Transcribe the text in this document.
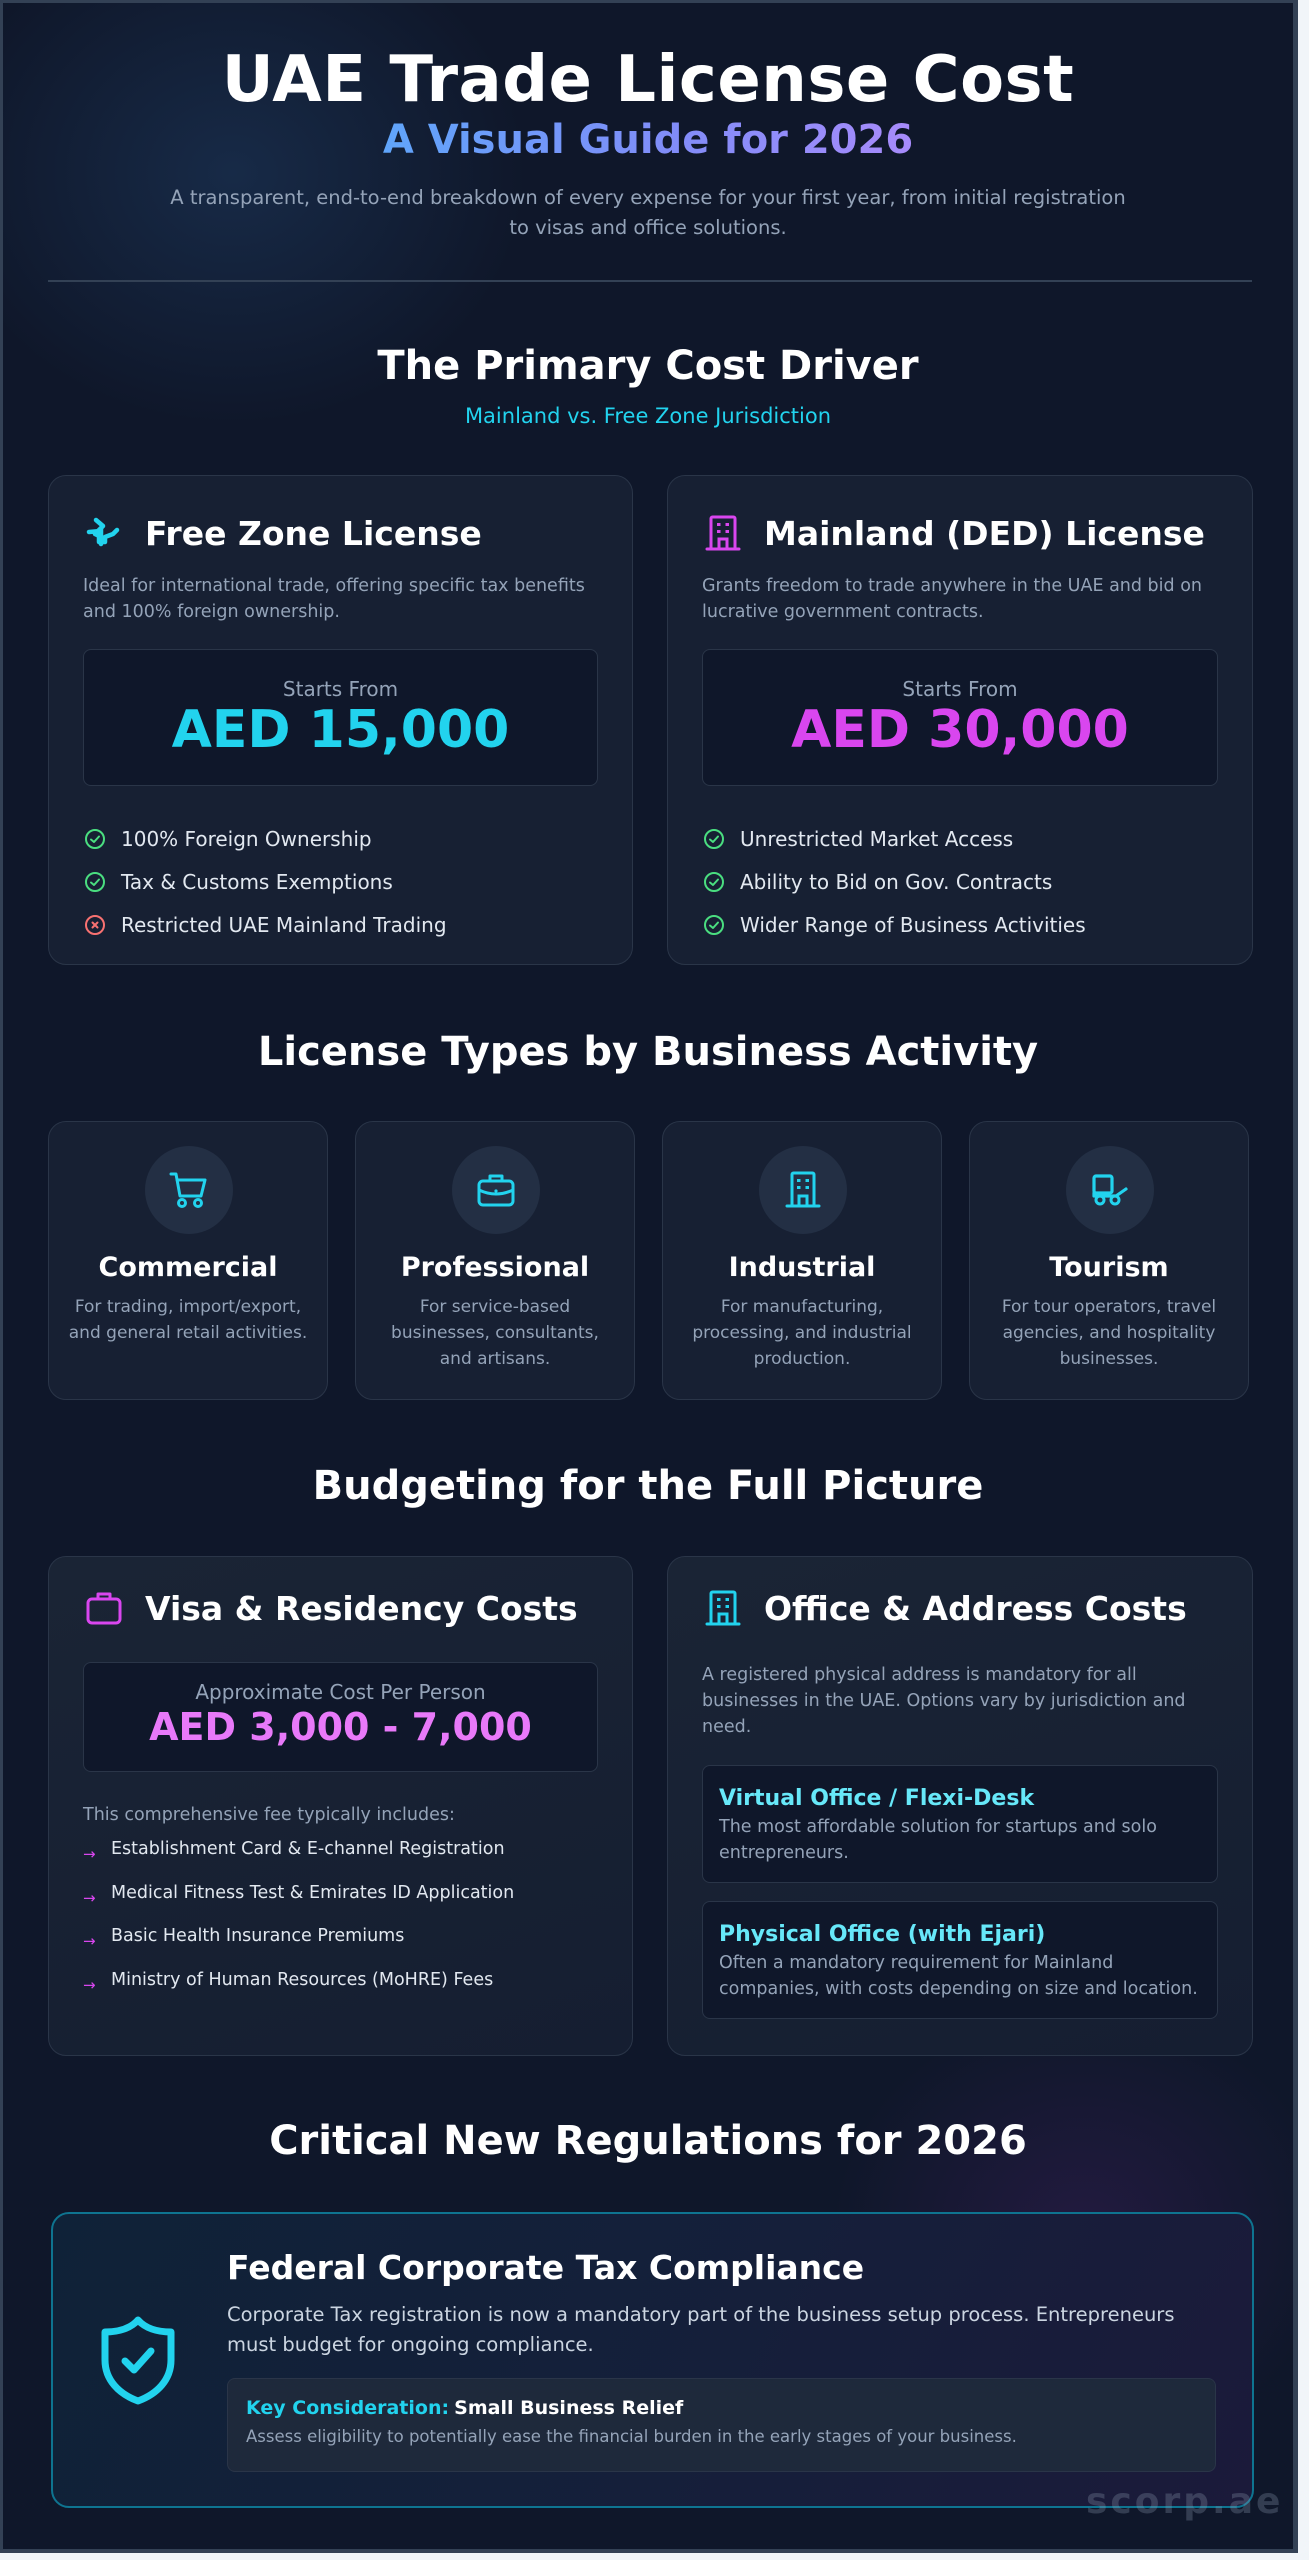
UAE Trade License Cost
A Visual Guide for 2026
A transparent, end-to-end breakdown of every expense for your first year, from initial registration to visas and office solutions.
The Primary Cost Driver
Mainland vs. Free Zone Jurisdiction
Free Zone License
Ideal for international trade, offering specific tax benefits and 100% foreign ownership.
Starts From
AED 15,000
100% Foreign Ownership
Tax & Customs Exemptions
Restricted UAE Mainland Trading
Mainland (DED) License
Grants freedom to trade anywhere in the UAE and bid on lucrative government contracts.
Starts From
AED 30,000
Unrestricted Market Access
Ability to Bid on Gov. Contracts
Wider Range of Business Activities
License Types by Business Activity
Commercial
For trading, import/export, and general retail activities.
Professional
For service-based businesses, consultants, and artisans.
Industrial
For manufacturing, processing, and industrial production.
Tourism
For tour operators, travel agencies, and hospitality businesses.
Budgeting for the Full Picture
Visa & Residency Costs
Approximate Cost Per Person
AED 3,000 - 7,000
This comprehensive fee typically includes:
→ Establishment Card & E-channel Registration
→ Medical Fitness Test & Emirates ID Application
→ Basic Health Insurance Premiums
→ Ministry of Human Resources (MoHRE) Fees
Office & Address Costs
A registered physical address is mandatory for all businesses in the UAE. Options vary by jurisdiction and need.
Virtual Office / Flexi-Desk
The most affordable solution for startups and solo entrepreneurs.
Physical Office (with Ejari)
Often a mandatory requirement for Mainland companies, with costs depending on size and location.
Critical New Regulations for 2026
Federal Corporate Tax Compliance
Corporate Tax registration is now a mandatory part of the business setup process. Entrepreneurs must budget for ongoing compliance.
Key Consideration: Small Business Relief
Assess eligibility to potentially ease the financial burden in the early stages of your business.
scorp.ae
